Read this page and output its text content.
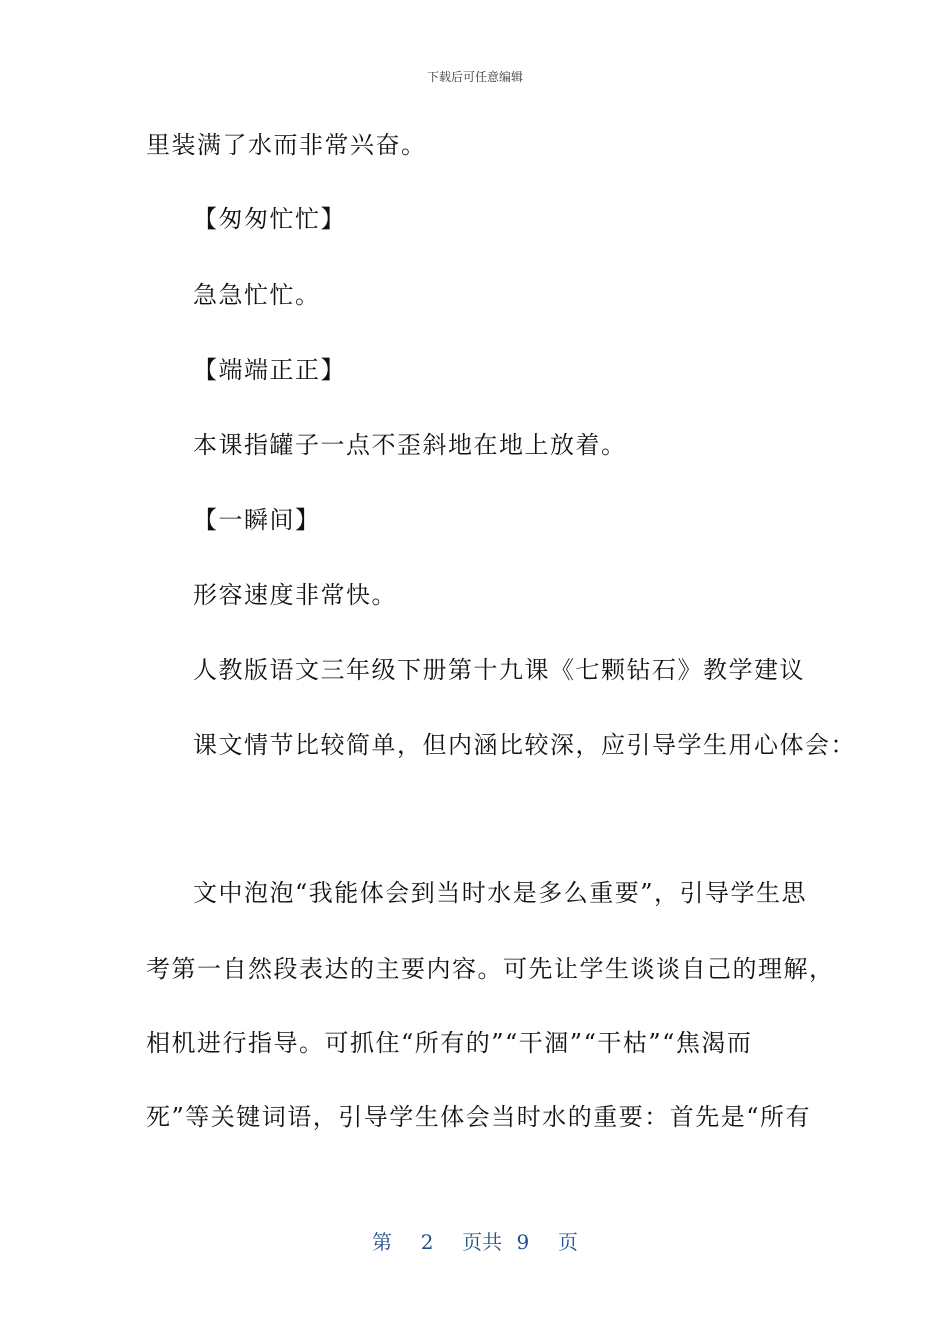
下载后可任意编辑
里装满了水而非常兴奋。
【匆匆忙忙】
急急忙忙。
【端端正正】
本课指罐子一点不歪斜地在地上放着。
【一瞬间】
形容速度非常快。
人教版语文三年级下册第十九课《七颗钻石》教学建议
课文情节比较简单，但内涵比较深，应引导学生用心体会：
文中泡泡“我能体会到当时水是多么重要”，引导学生思
考第一自然段表达的主要内容。可先让学生谈谈自己的理解，
相机进行指导。可抓住“所有的”“干涸”“干枯”“焦渴而
死”等关键词语，引导学生体会当时水的重要：首先是“所有
第  2  页共 9  页
